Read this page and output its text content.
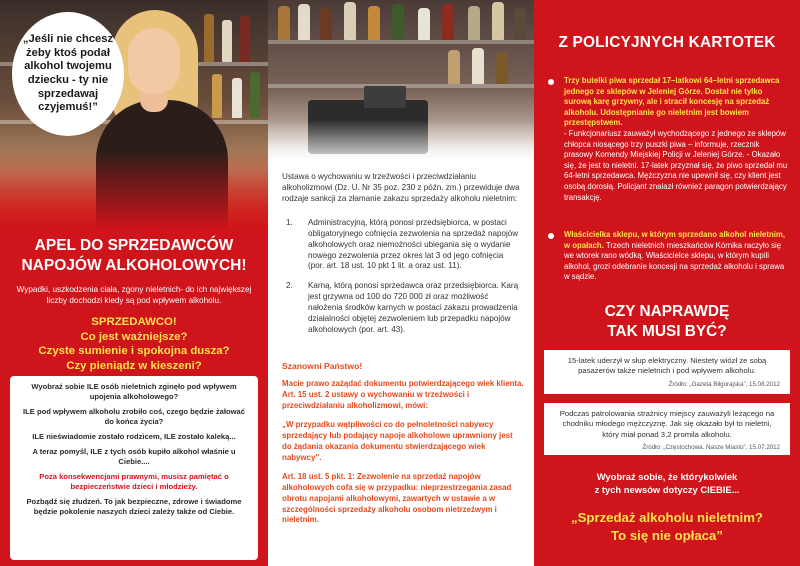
„Jeśli nie chcesz żeby ktoś podał alkohol twojemu dziecku - ty nie sprzedawaj czyjemuś!”
APEL DO SPRZEDAWCÓW
NAPOJÓW ALKOHOLOWYCH!

Wypadki, uszkodzenia ciała, zgony nieletnich- do ich największej liczby dochodzi kiedy są pod wpływem alkoholu.

SPRZEDAWCO!
Co jest ważniejsze?
Czyste sumienie i spokojna dusza?
Czy pieniądz w kieszeni?

Wyobraź sobie ILE osób nieletnich zginęło pod wpływem upojenia alkoholowego?

ILE pod wpływem alkoholu zrobiło coś, czego będzie żałować do końca życia?

ILE nieświadomie zostało rodzicem, ILE zostało kaleką...

A teraz pomyśl, ILE z tych osób kupiło alkohol właśnie u Ciebie....

Poza konsekwencjami prawnymi, musisz pamiętać o bezpieczeństwie dzieci i młodzieży.

Pozbądź się złudzeń. To jak bezpieczne, zdrowe i świadome będzie pokolenie naszych dzieci zależy także od Ciebie.

Ustawa o wychowaniu w trzeźwości i przeciwdziałaniu alkoholizmowi (Dz. U. Nr 35 poz. 230 z późn. zm.) przewiduje dwa rodzaje sankcji za złamanie zakazu sprzedaży alkoholu nieletnim:

1.	Administracyjną, którą ponosi przedsiębiorca, w postaci obligatoryjnego cofnięcia zezwolenia na sprzedaż napojów alkoholowych oraz niemożności ubiegania się o wydanie nowego zezwolenia przez okres lat 3 od jego cofnięcia (por. art. 18 ust. 10 pkt 1 lit. a oraz ust. 11).
2.	Karną, którą ponosi sprzedawca oraz przedsiębiorca. Karą jest grzywna od 100 do 720 000 zł oraz możliwość nałożenia środków karnych w postaci zakazu prowadzenia działalności objętej zezwoleniem lub przepadku napojów alkoholowych (por. art. 43).
Szanowni Państwo!

Macie prawo zażądać dokumentu potwierdzającego wiek klienta. Art. 15 ust. 2 ustawy o wychowaniu w trzeźwości i przeciwdziałaniu alkoholizmowi, mówi:

„W przypadku wątpliwości co do pełnoletności nabywcy sprzedający lub podający napoje alkoholowe uprawniony jest do żądania okazania dokumentu stwierdzającego wiek nabywcy”.

Art. 18 ust. 5 pkt. 1: Zezwolenie na sprzedaż napojów alkoholowych cofa się w przypadku: nieprzestrzegania zasad obrotu napojami alkoholowymi, zawartych w ustawie a w szczególności sprzedaży alkoholu osobom nietrzeźwym i nieletnim.

Z POLICYJNYCH KARTOTEK
Trzy butelki piwa sprzedał 17–latkowi 64–letni sprzedawca jednego ze sklepów w Jeleniej Górze. Dostał nie tylko surową karę grzywny, ale i stracił koncesję na sprzedaż alkoholu. Udostępnianie go nieletnim jest bowiem przestępstwem.
- Funkcjonariusz zauważył wychodzącego z jednego ze sklepów chłopca niosącego trzy puszki piwa – informuje, rzecznik prasowy Komendy Miejskiej Policji w Jeleniej Górze. - Okazało się, że jest to nieletni. 17-latek przyznał się, że piwo sprzedał mu 64-letni sprzedawca. Mężczyzna nie upewnił się, czy klient jest osobą dorosłą. Policjant znalazł również paragon potwierdzający transakcję.
Właścicielka sklepu, w którym sprzedano alkohol nieletnim, w opałach. Trzech nieletnich mieszkańców Kórnika raczyło się we wtorek rano wódką. Właścicielce sklepu, w którym kupili alkohol, grozi odebranie koncesji na sprzedaż alkoholu i sprawa w sądzie.
CZY NAPRAWDĘ
TAK MUSI BYĆ?
15-latek uderzył w słup elektryczny. Niestety wiózł ze sobą pasażerów także nieletnich i pod wpływem alkoholu.
Źródło: „Gazeta Biłgorajska”, 15.08.2012
Podczas patrolowania strażnicy miejscy zauważyli leżącego na chodniku młodego mężczyznę. Jak się okazało był to nieletni, który miał ponad 3,2 promila alkoholu.
Źródło: „Częstochowa. Nasze Miasto”, 15.07.2012
Wyobraź sobie, że którykolwiek
z tych newsów dotyczy CIEBIE...
„Sprzedaż alkoholu nieletnim?
To się nie opłaca”
